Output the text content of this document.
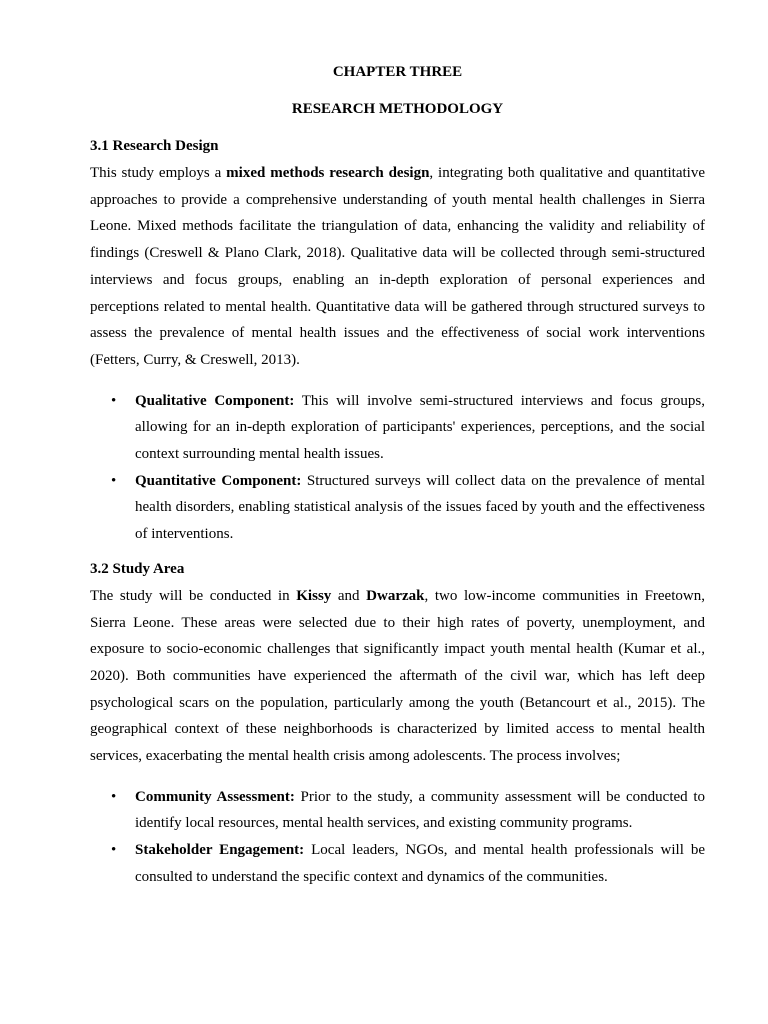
CHAPTER THREE
RESEARCH METHODOLOGY
3.1 Research Design

This study employs a mixed methods research design, integrating both qualitative and quantitative approaches to provide a comprehensive understanding of youth mental health challenges in Sierra Leone. Mixed methods facilitate the triangulation of data, enhancing the validity and reliability of findings (Creswell & Plano Clark, 2018). Qualitative data will be collected through semi-structured interviews and focus groups, enabling an in-depth exploration of personal experiences and perceptions related to mental health. Quantitative data will be gathered through structured surveys to assess the prevalence of mental health issues and the effectiveness of social work interventions (Fetters, Curry, & Creswell, 2013).

• Qualitative Component: This will involve semi-structured interviews and focus groups, allowing for an in-depth exploration of participants' experiences, perceptions, and the social context surrounding mental health issues.
• Quantitative Component: Structured surveys will collect data on the prevalence of mental health disorders, enabling statistical analysis of the issues faced by youth and the effectiveness of interventions.
3.2 Study Area

The study will be conducted in Kissy and Dwarzak, two low-income communities in Freetown, Sierra Leone. These areas were selected due to their high rates of poverty, unemployment, and exposure to socio-economic challenges that significantly impact youth mental health (Kumar et al., 2020). Both communities have experienced the aftermath of the civil war, which has left deep psychological scars on the population, particularly among the youth (Betancourt et al., 2015). The geographical context of these neighborhoods is characterized by limited access to mental health services, exacerbating the mental health crisis among adolescents. The process involves;

• Community Assessment: Prior to the study, a community assessment will be conducted to identify local resources, mental health services, and existing community programs.
• Stakeholder Engagement: Local leaders, NGOs, and mental health professionals will be consulted to understand the specific context and dynamics of the communities.
